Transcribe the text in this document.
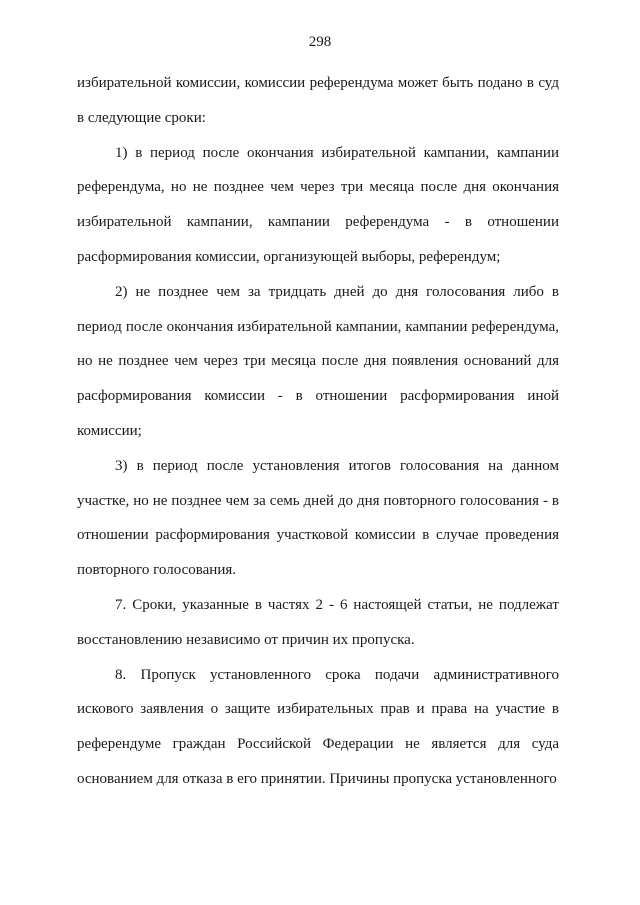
298

избирательной комиссии, комиссии референдума может быть подано в суд в следующие сроки:

1) в период после окончания избирательной кампании, кампании референдума, но не позднее чем через три месяца после дня окончания избирательной кампании, кампании референдума - в отношении расформирования комиссии, организующей выборы, референдум;

2) не позднее чем за тридцать дней до дня голосования либо в период после окончания избирательной кампании, кампании референдума, но не позднее чем через три месяца после дня появления оснований для расформирования комиссии - в отношении расформирования иной комиссии;

3) в период после установления итогов голосования на данном участке, но не позднее чем за семь дней до дня повторного голосования - в отношении расформирования участковой комиссии в случае проведения повторного голосования.

7. Сроки, указанные в частях 2 - 6 настоящей статьи, не подлежат восстановлению независимо от причин их пропуска.

8. Пропуск установленного срока подачи административного искового заявления о защите избирательных прав и права на участие в референдуме граждан Российской Федерации не является для суда основанием для отказа в его принятии. Причины пропуска установленного
